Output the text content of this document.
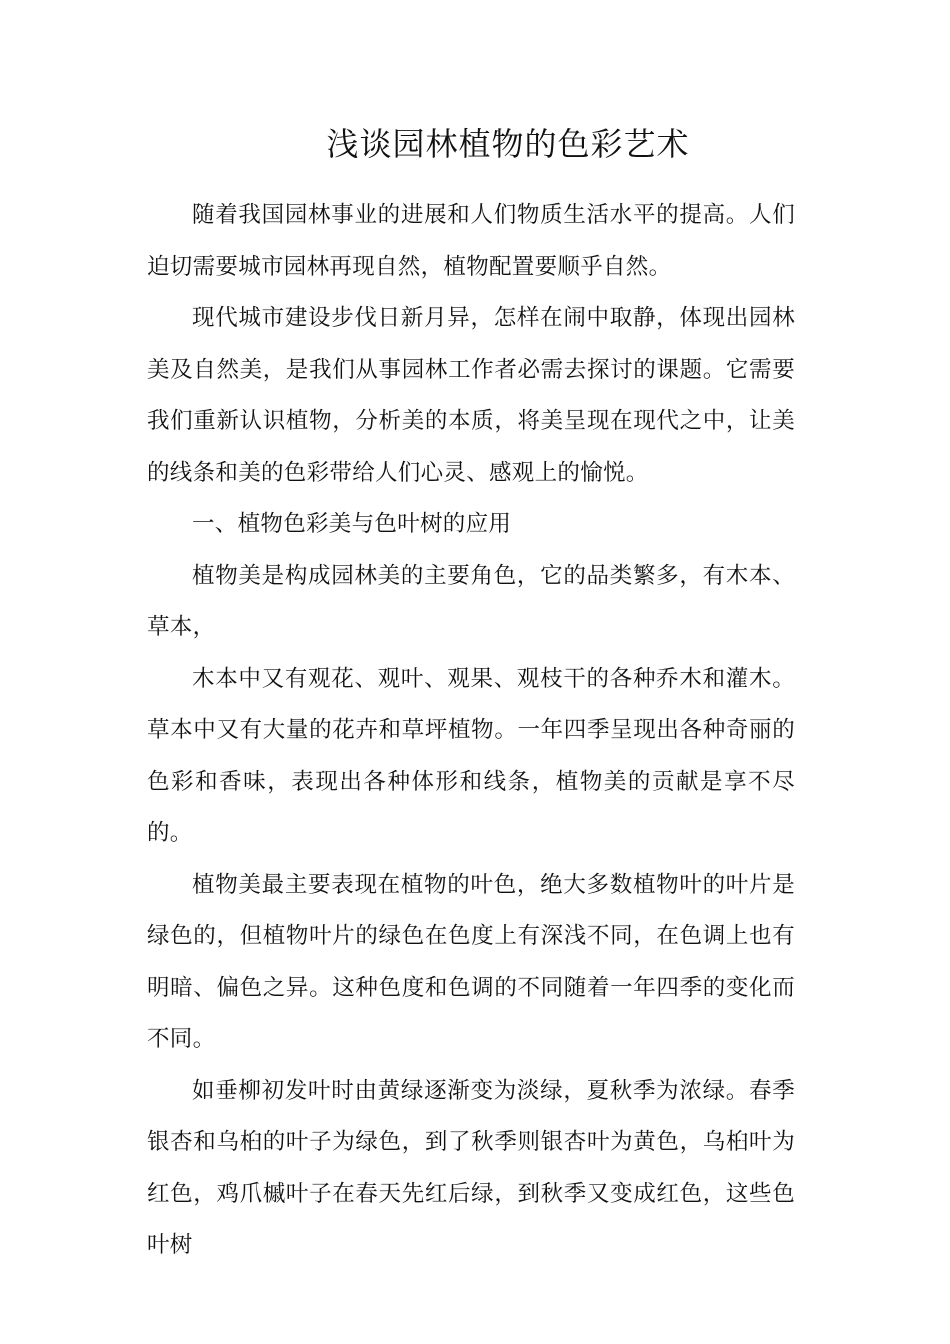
浅谈园林植物的色彩艺术

随着我国园林事业的进展和人们物质生活水平的提高。人们迫切需要城市园林再现自然，植物配置要顺乎自然。

现代城市建设步伐日新月异，怎样在闹中取静，体现出园林美及自然美，是我们从事园林工作者必需去探讨的课题。它需要我们重新认识植物，分析美的本质，将美呈现在现代之中，让美的线条和美的色彩带给人们心灵、感观上的愉悦。

一、植物色彩美与色叶树的应用

植物美是构成园林美的主要角色，它的品类繁多，有木本、草本，

木本中又有观花、观叶、观果、观枝干的各种乔木和灌木。草本中又有大量的花卉和草坪植物。一年四季呈现出各种奇丽的色彩和香味，表现出各种体形和线条，植物美的贡献是享不尽的。

植物美最主要表现在植物的叶色，绝大多数植物叶的叶片是绿色的，但植物叶片的绿色在色度上有深浅不同，在色调上也有明暗、偏色之异。这种色度和色调的不同随着一年四季的变化而不同。

如垂柳初发叶时由黄绿逐渐变为淡绿，夏秋季为浓绿。春季银杏和乌桕的叶子为绿色，到了秋季则银杏叶为黄色，乌桕叶为红色，鸡爪槭叶子在春天先红后绿，到秋季又变成红色，这些色叶树
